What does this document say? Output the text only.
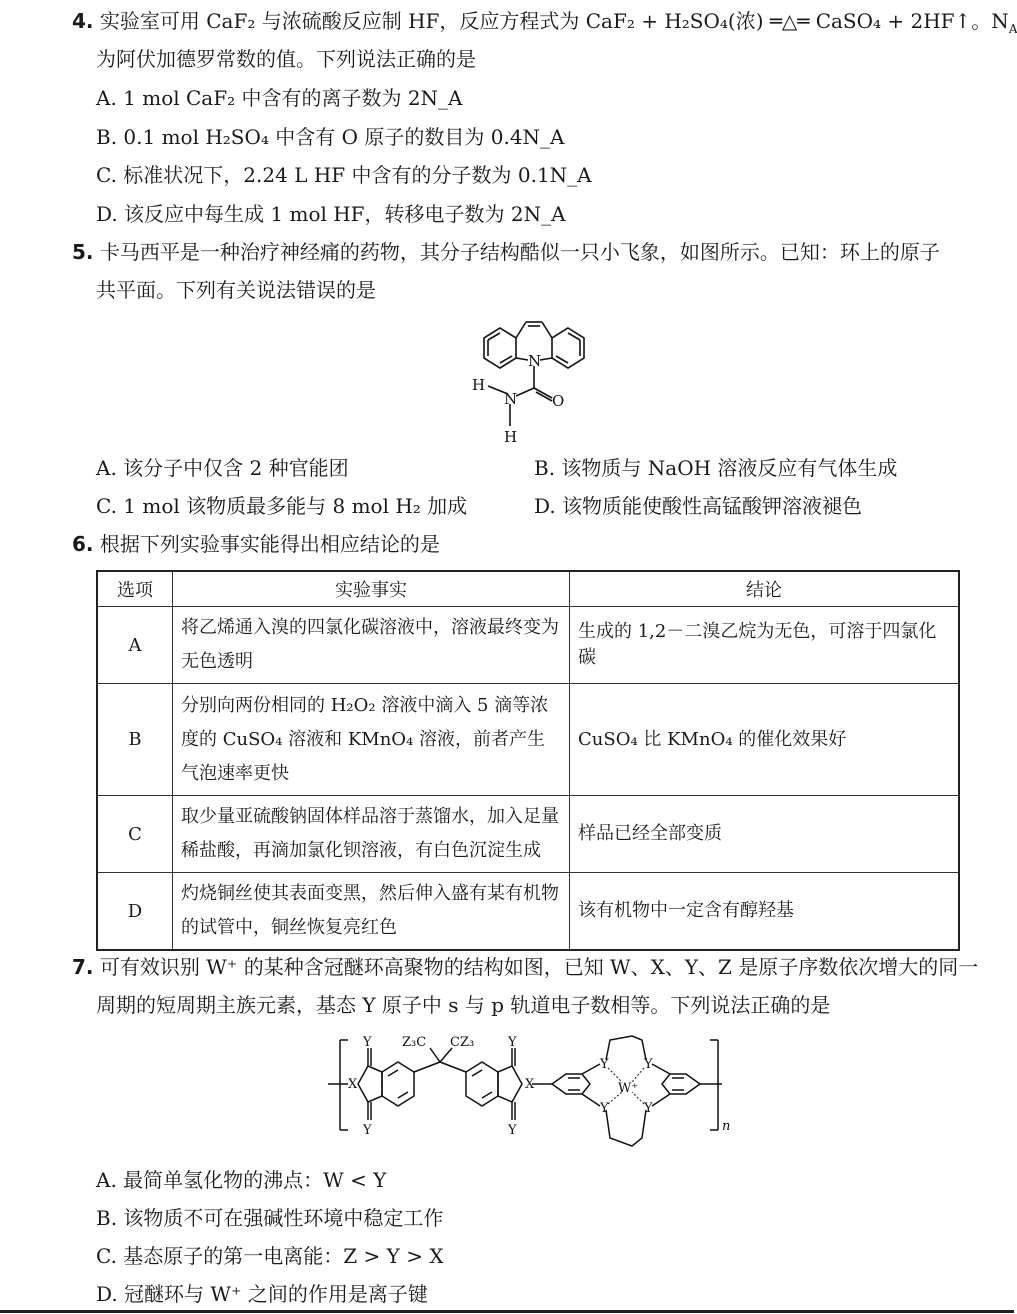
4. 实验室可用 CaF₂ 与浓硫酸反应制 HF，反应方程式为 CaF₂ + H₂SO₄(浓) ═△═ CaSO₄ + 2HF↑。$N_A$
为阿伏加德罗常数的值。下列说法正确的是
A. 1 mol CaF₂ 中含有的离子数为 2N_A
B. 0.1 mol H₂SO₄ 中含有 O 原子的数目为 0.4N_A
C. 标准状况下，2.24 L HF 中含有的分子数为 0.1N_A
D. 该反应中每生成 1 mol HF，转移电子数为 2N_A
5. 卡马西平是一种治疗神经痛的药物，其分子结构酷似一只小飞象，如图所示。已知：环上的原子
共平面。下列有关说法错误的是
N
H
N O
H
A. 该分子中仅含 2 种官能团	B. 该物质与 NaOH 溶液反应有气体生成
C. 1 mol 该物质最多能与 8 mol H₂ 加成	D. 该物质能使酸性高锰酸钾溶液褪色
6. 根据下列实验事实能得出相应结论的是
选项	实验事实	结论
A	将乙烯通入溴的四氯化碳溶液中，溶液最终变为无色透明	生成的 1,2－二溴乙烷为无色，可溶于四氯化碳
B	分别向两份相同的 H₂O₂ 溶液中滴入 5 滴等浓度的 CuSO₄ 溶液和 KMnO₄ 溶液，前者产生气泡速率更快	CuSO₄ 比 KMnO₄ 的催化效果好
C	取少量亚硫酸钠固体样品溶于蒸馏水，加入足量稀盐酸，再滴加氯化钡溶液，有白色沉淀生成	样品已经全部变质
D	灼烧铜丝使其表面变黑，然后伸入盛有某有机物的试管中，铜丝恢复亮红色	该有机物中一定含有醇羟基
7. 可有效识别 W⁺ 的某种含冠醚环高聚物的结构如图，已知 W、X、Y、Z 是原子序数依次增大的同一
周期的短周期主族元素，基态 Y 原子中 s 与 p 轨道电子数相等。下列说法正确的是
Y Z₃C CZ₃	Y
X	X
Y	Y
Y	Y
W⁺
Y	Y
n
A. 最简单氢化物的沸点：W < Y
B. 该物质不可在强碱性环境中稳定工作
C. 基态原子的第一电离能：Z > Y > X
D. 冠醚环与 W⁺ 之间的作用是离子键
